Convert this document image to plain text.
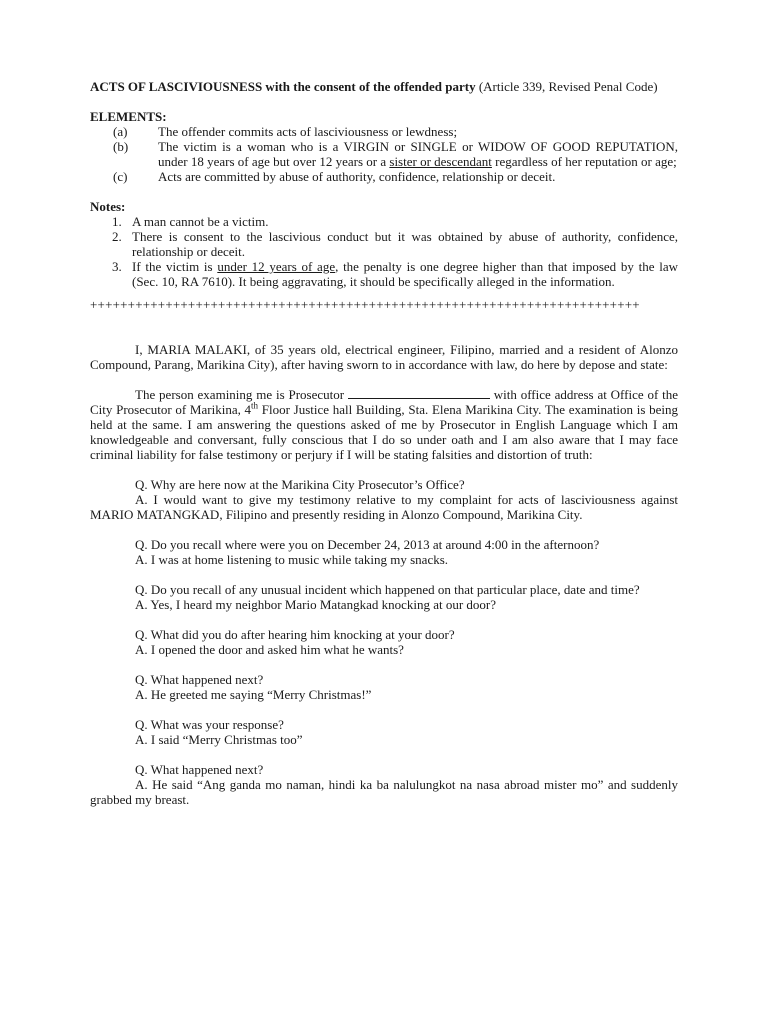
ACTS OF LASCIVIOUSNESS with the consent of the offended party (Article 339, Revised Penal Code)

ELEMENTS:
(a)	The offender commits acts of lasciviousness or lewdness;
(b)	The victim is a woman who is a VIRGIN or SINGLE or WIDOW OF GOOD REPUTATION, under 18 years of age but over 12 years or a sister or descendant regardless of her reputation or age;
(c)	Acts are committed by abuse of authority, confidence, relationship or deceit.
Notes:
1. A man cannot be a victim.
2. There is consent to the lascivious conduct but it was obtained by abuse of authority, confidence, relationship or deceit.
3. If the victim is under 12 years of age, the penalty is one degree higher than that imposed by the law (Sec. 10, RA 7610). It being aggravating, it should be specifically alleged in the information.
+++++++++++++++++++++++++++++++++++++++++++++++++++++++++++++++++++++++++

I, MARIA MALAKI, of 35 years old, electrical engineer, Filipino, married and a resident of Alonzo Compound, Parang, Marikina City), after having sworn to in accordance with law, do here by depose and state:

The person examining me is Prosecutor	with office address at Office of the City Prosecutor of Marikina, 4th Floor Justice hall Building, Sta. Elena Marikina City. The examination is being held at the same. I am answering the questions asked of me by Prosecutor in English Language which I am knowledgeable and conversant, fully conscious that I do so under oath and I am also aware that I may face criminal liability for false testimony or perjury if I will be stating falsities and distortion of truth:

Q. Why are here now at the Marikina City Prosecutor’s Office?
A. I would want to give my testimony relative to my complaint for acts of lasciviousness against MARIO MATANGKAD, Filipino and presently residing in Alonzo Compound, Marikina City.
Q. Do you recall where were you on December 24, 2013 at around 4:00 in the afternoon?
A. I was at home listening to music while taking my snacks.
Q. Do you recall of any unusual incident which happened on that particular place, date and time?
A. Yes, I heard my neighbor Mario Matangkad knocking at our door?
Q. What did you do after hearing him knocking at your door?
A. I opened the door and asked him what he wants?
Q. What happened next?
A. He greeted me saying “Merry Christmas!”
Q. What was your response?
A. I said “Merry Christmas too”
Q. What happened next?
A. He said “Ang ganda mo naman, hindi ka ba nalulungkot na nasa abroad mister mo” and suddenly grabbed my breast.
